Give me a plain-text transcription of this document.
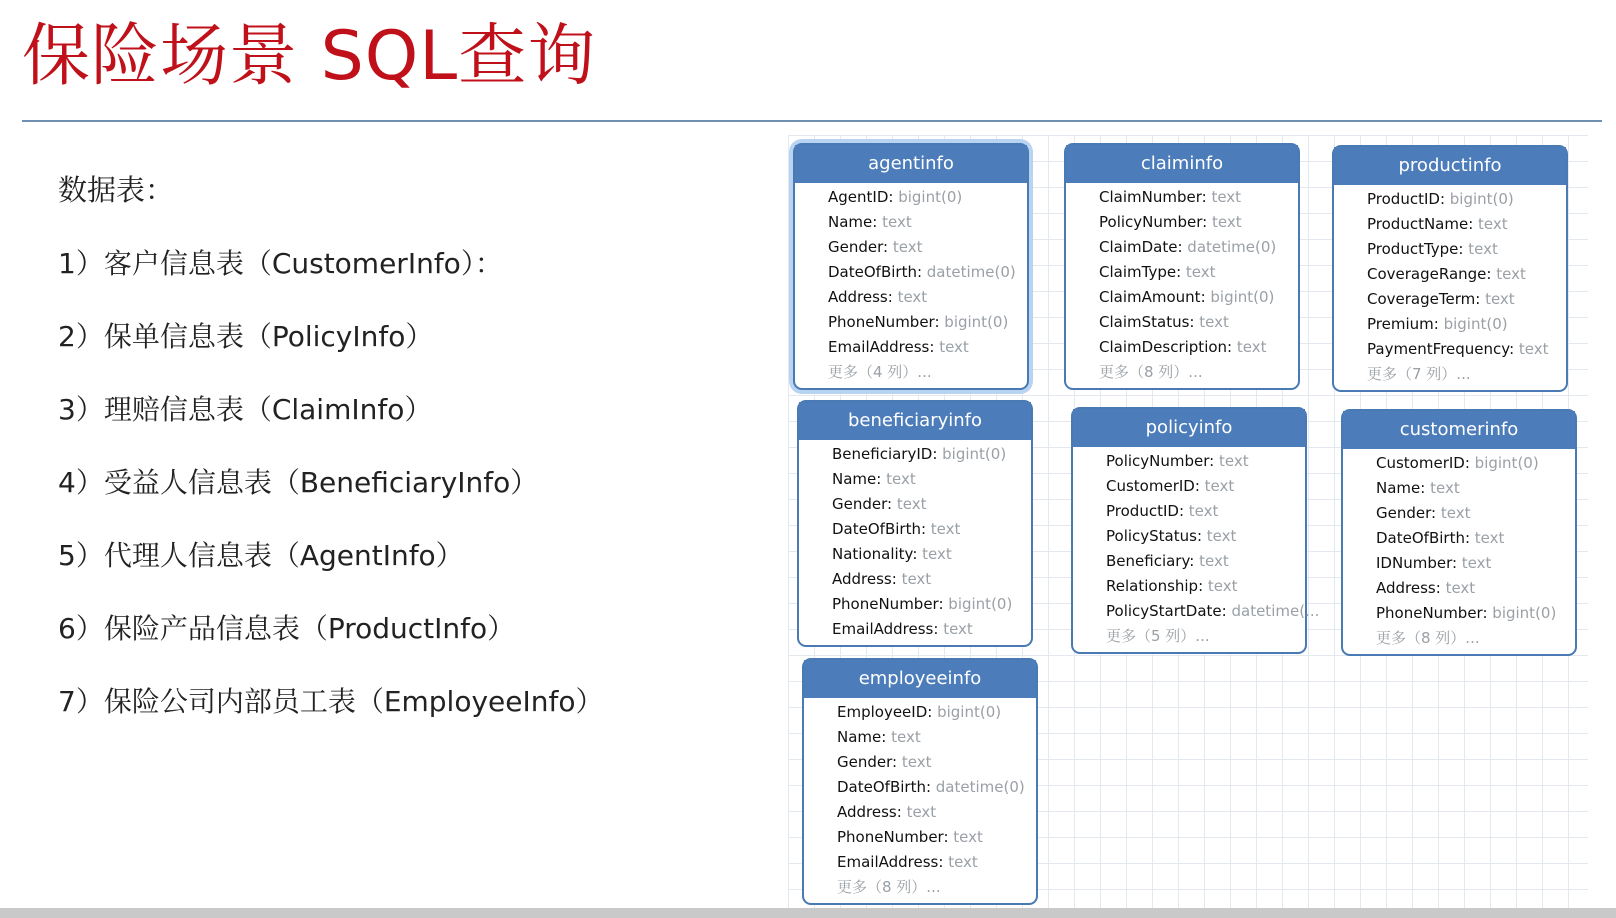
保险场景 SQL查询
数据表：
1）客户信息表（CustomerInfo）：
2）保单信息表（PolicyInfo）
3）理赔信息表（ClaimInfo）
4）受益人信息表（BeneficiaryInfo）
5）代理人信息表（AgentInfo）
6）保险产品信息表（ProductInfo）
7）保险公司内部员工表（EmployeeInfo）
agentinfo
AgentID: bigint(0)
Name: text
Gender: text
DateOfBirth: datetime(0)
Address: text
PhoneNumber: bigint(0)
EmailAddress: text
更多（4 列）...
claiminfo
ClaimNumber: text
PolicyNumber: text
ClaimDate: datetime(0)
ClaimType: text
ClaimAmount: bigint(0)
ClaimStatus: text
ClaimDescription: text
更多（8 列）...
productinfo
ProductID: bigint(0)
ProductName: text
ProductType: text
CoverageRange: text
CoverageTerm: text
Premium: bigint(0)
PaymentFrequency: text
更多（7 列）...
beneficiaryinfo
BeneficiaryID: bigint(0)
Name: text
Gender: text
DateOfBirth: text
Nationality: text
Address: text
PhoneNumber: bigint(0)
EmailAddress: text
policyinfo
PolicyNumber: text
CustomerID: text
ProductID: text
PolicyStatus: text
Beneficiary: text
Relationship: text
PolicyStartDate: datetime(...
更多（5 列）...
customerinfo
CustomerID: bigint(0)
Name: text
Gender: text
DateOfBirth: text
IDNumber: text
Address: text
PhoneNumber: bigint(0)
更多（8 列）...
employeeinfo
EmployeeID: bigint(0)
Name: text
Gender: text
DateOfBirth: datetime(0)
Address: text
PhoneNumber: text
EmailAddress: text
更多（8 列）...
